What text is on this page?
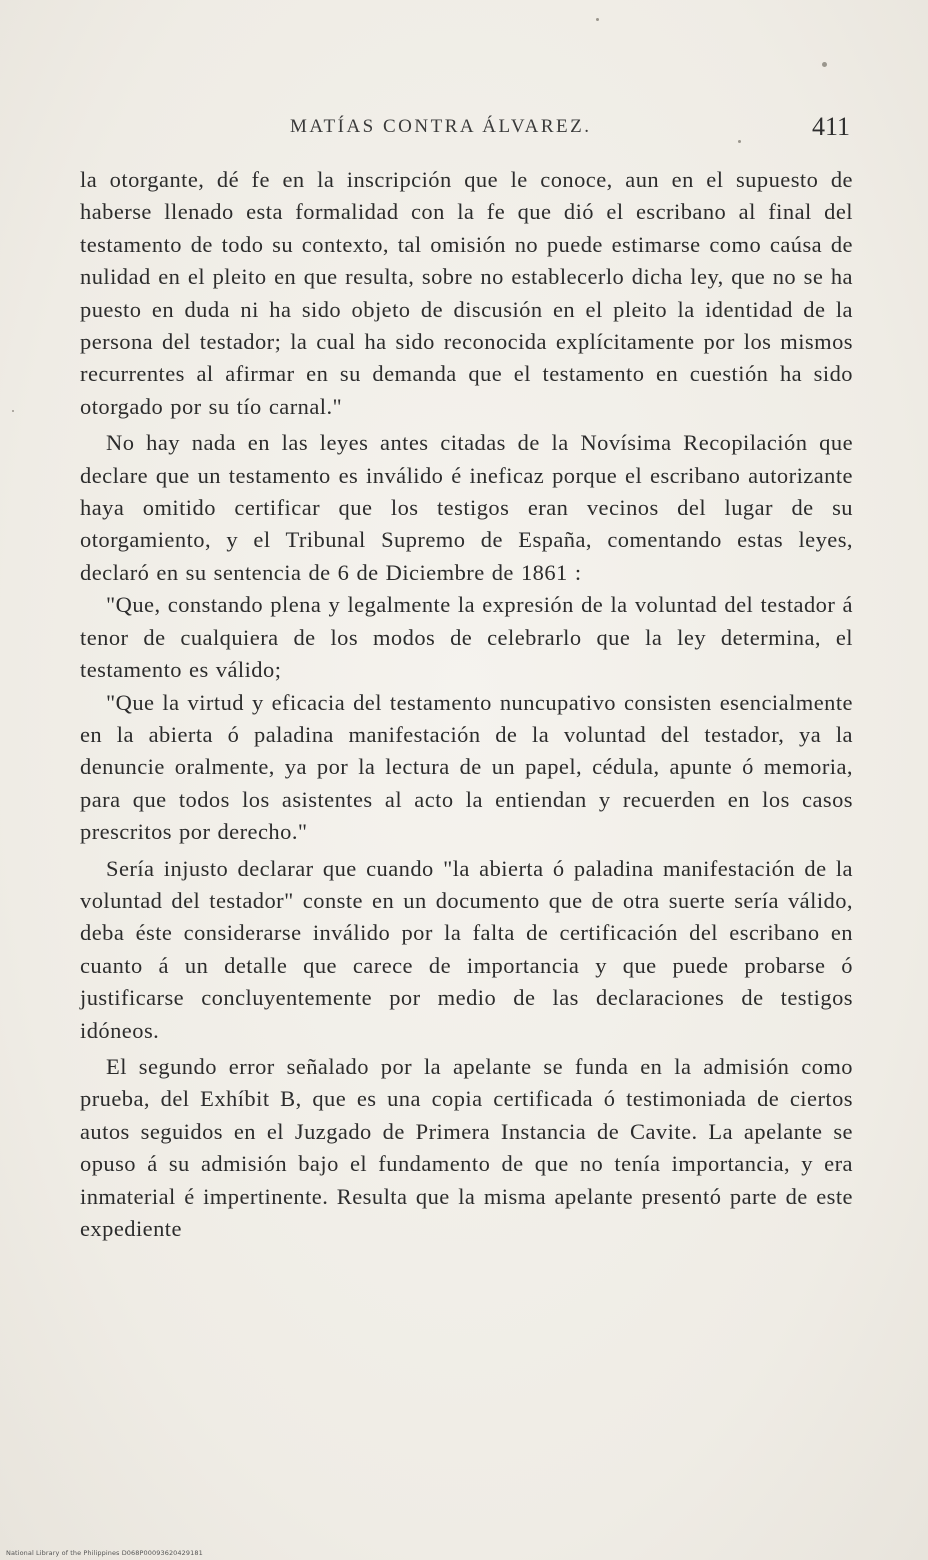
MATÍAS CONTRA ÁLVAREZ.	411

la otorgante, dé fe en la inscripción que le conoce, aun en el supuesto de haberse llenado esta formalidad con la fe que dió el escribano al final del testamento de todo su contexto, tal omisión no puede estimarse como caúsa de nulidad en el pleito en que resulta, sobre no establecerlo dicha ley, que no se ha puesto en duda ni ha sido objeto de discusión en el pleito la identidad de la persona del testador; la cual ha sido reconocida explícitamente por los mismos recurrentes al afirmar en su demanda que el testamento en cuestión ha sido otorgado por su tío carnal."

No hay nada en las leyes antes citadas de la Novísima Recopilación que declare que un testamento es inválido é ineficaz porque el escribano autorizante haya omitido certificar que los testigos eran vecinos del lugar de su otorgamiento, y el Tribunal Supremo de España, comentando estas leyes, declaró en su sentencia de 6 de Diciembre de 1861 :

"Que, constando plena y legalmente la expresión de la voluntad del testador á tenor de cualquiera de los modos de celebrarlo que la ley determina, el testamento es válido;

"Que la virtud y eficacia del testamento nuncupativo consisten esencialmente en la abierta ó paladina manifestación de la voluntad del testador, ya la denuncie oralmente, ya por la lectura de un papel, cédula, apunte ó memoria, para que todos los asistentes al acto la entiendan y recuerden en los casos prescritos por derecho."

Sería injusto declarar que cuando "la abierta ó paladina manifestación de la voluntad del testador" conste en un documento que de otra suerte sería válido, deba éste considerarse inválido por la falta de certificación del escribano en cuanto á un detalle que carece de importancia y que puede probarse ó justificarse concluyentemente por medio de las declaraciones de testigos idóneos.

El segundo error señalado por la apelante se funda en la admisión como prueba, del Exhíbit B, que es una copia certificada ó testimoniada de ciertos autos seguidos en el Juzgado de Primera Instancia de Cavite. La apelante se opuso á su admisión bajo el fundamento de que no tenía importancia, y era inmaterial é impertinente. Resulta que la misma apelante presentó parte de este expediente

National Library of the Philippines D068P00093620429181
